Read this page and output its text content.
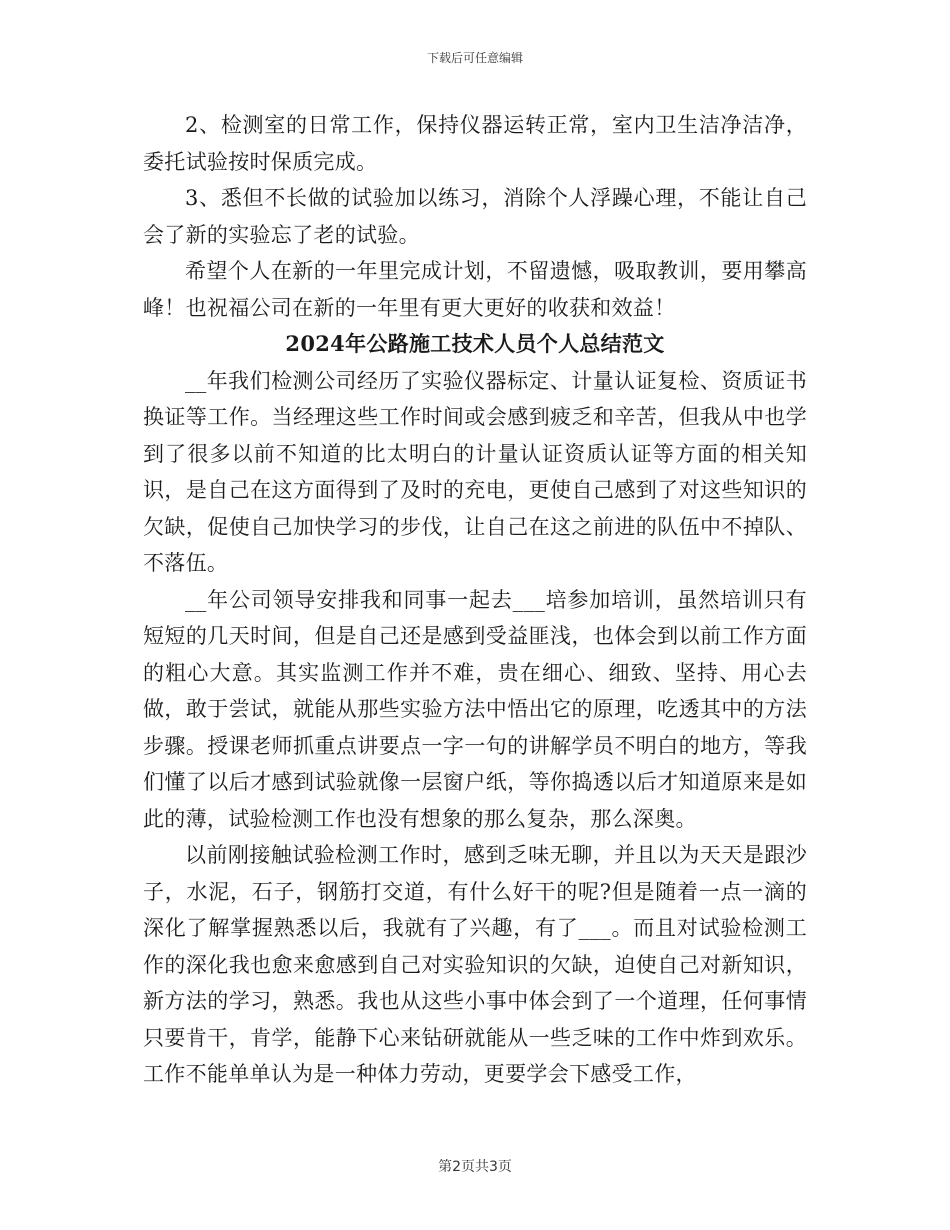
下载后可任意编辑

2、检测室的日常工作，保持仪器运转正常，室内卫生洁净洁净，委托试验按时保质完成。

3、悉但不长做的试验加以练习，消除个人浮躁心理，不能让自己会了新的实验忘了老的试验。

希望个人在新的一年里完成计划，不留遗憾，吸取教训，要用攀高峰！也祝福公司在新的一年里有更大更好的收获和效益！

2024年公路施工技术人员个人总结范文

__年我们检测公司经历了实验仪器标定、计量认证复检、资质证书换证等工作。当经理这些工作时间或会感到疲乏和辛苦，但我从中也学到了很多以前不知道的比太明白的计量认证资质认证等方面的相关知识，是自己在这方面得到了及时的充电，更使自己感到了对这些知识的欠缺，促使自己加快学习的步伐，让自己在这之前进的队伍中不掉队、不落伍。

__年公司领导安排我和同事一起去___培参加培训，虽然培训只有短短的几天时间，但是自己还是感到受益匪浅，也体会到以前工作方面的粗心大意。其实监测工作并不难，贵在细心、细致、坚持、用心去做，敢于尝试，就能从那些实验方法中悟出它的原理，吃透其中的方法步骤。授课老师抓重点讲要点一字一句的讲解学员不明白的地方，等我们懂了以后才感到试验就像一层窗户纸，等你捣透以后才知道原来是如此的薄，试验检测工作也没有想象的那么复杂，那么深奥。

以前刚接触试验检测工作时，感到乏味无聊，并且以为天天是跟沙子，水泥，石子，钢筋打交道，有什么好干的呢?但是随着一点一滴的深化了解掌握熟悉以后，我就有了兴趣，有了___。而且对试验检测工作的深化我也愈来愈感到自己对实验知识的欠缺，迫使自己对新知识，新方法的学习，熟悉。我也从这些小事中体会到了一个道理，任何事情只要肯干，肯学，能静下心来钻研就能从一些乏味的工作中炸到欢乐。工作不能单单认为是一种体力劳动，更要学会下感受工作，

第2页共3页
